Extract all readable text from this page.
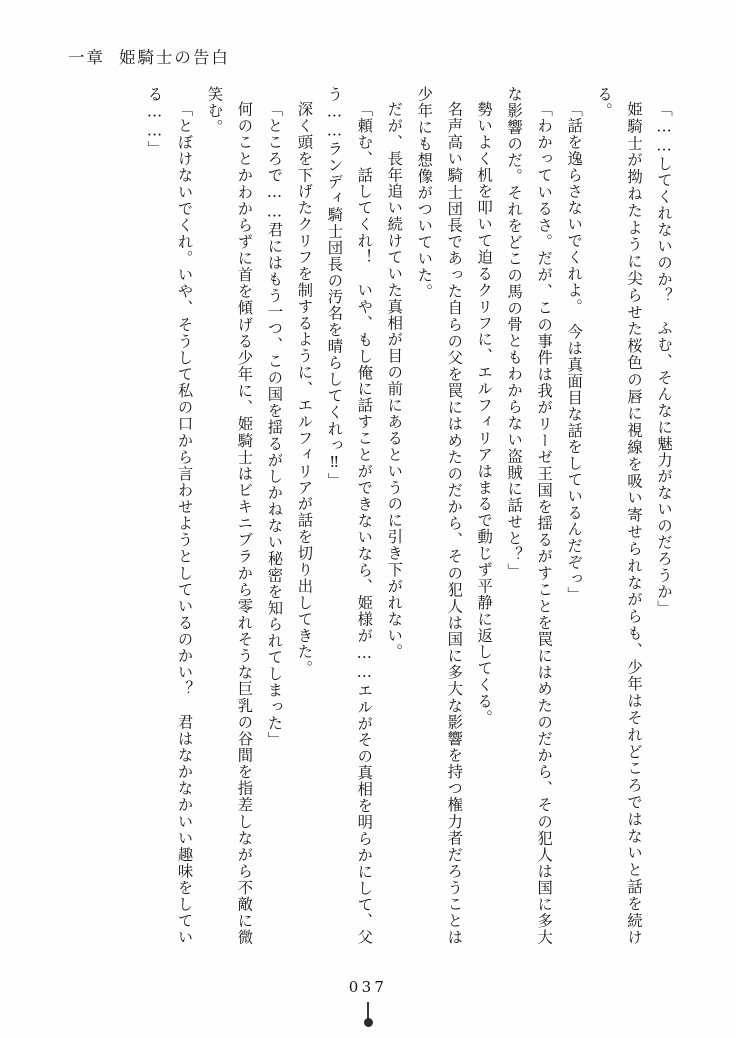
一章 姫騎士の告白

「……してくれないのか？　ふむ、そんなに魅力がないのだろうか」

姫騎士が拗ねたように尖らせた桜色の唇に視線を吸い寄せられながらも、少年はそれどころではないと話を続ける。

「話を逸らさないでくれよ。　今は真面目な話をしているんだぞっ」

「わかっているさ。だが、この事件は我がリーゼ王国を揺るがすことを罠にはめたのだから、その犯人は国に多大な影響のだ。それをどこの馬の骨ともわからない盗賊に話せと？」

勢いよく机を叩いて迫るクリフに、エルフィリアはまるで動じず平静に返してくる。

名声高い騎士団長であった自らの父を罠にはめたのだから、その犯人は国に多大な影響を持つ権力者だろうことは少年にも想像がついていた。

だが、長年追い続けていた真相が目の前にあるというのに引き下がれない。

「頼む、話してくれ！　いや、もし俺に話すことができないなら、姫様が……エルがその真相を明らかにして、父う……ランディ騎士団長の汚名を晴らしてくれっ‼」

深く頭を下げたクリフを制するように、エルフィリアが話を切り出してきた。

「ところで……君にはもう一つ、この国を揺るがしかねない秘密を知られてしまった」

何のことかわからずに首を傾げる少年に、姫騎士はビキニブラから零れそうな巨乳の谷間を指差しながら不敵に微笑む。

「とぼけないでくれ。いや、そうして私の口から言わせようとしているのかい？　君はなかなかいい趣味をしている……」

037
